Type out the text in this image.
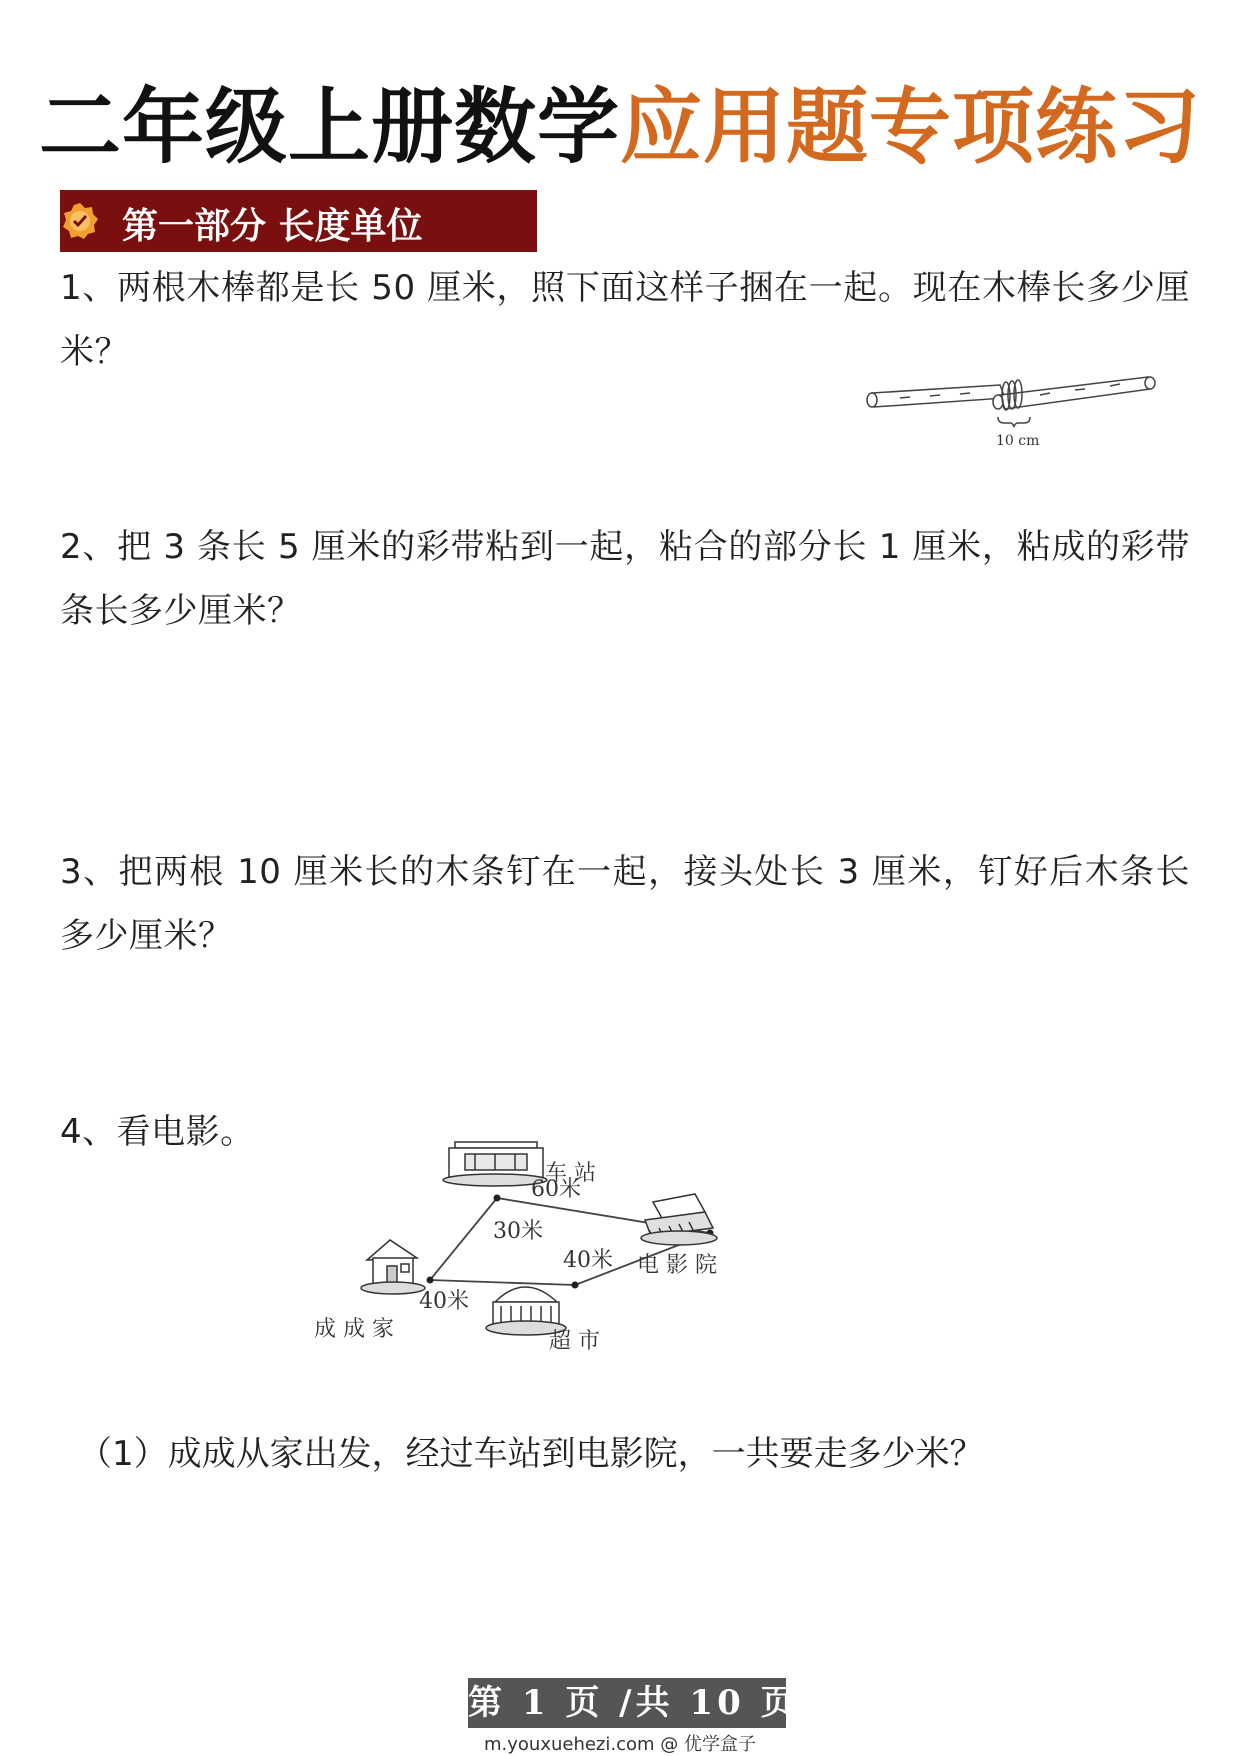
二年级上册数学应用题专项练习
第一部分 长度单位
1、两根木棒都是长 50 厘米，照下面这样子捆在一起。现在木棒长多少厘 米？
10 cm
2、把 3 条长 5 厘米的彩带粘到一起，粘合的部分长 1 厘米，粘成的彩带条长多少厘米？
3、把两根 10 厘米长的木条钉在一起，接头处长 3 厘米，钉好后木条长多少厘米？
4、看电影。
30米
60米
40米
40米
车 站
电 影 院
成 成 家	超 市
（1）成成从家出发，经过车站到电影院，一共要走多少米？
第 1 页 /共 10 页
m.youxuehezi.com @ 优学盒子
